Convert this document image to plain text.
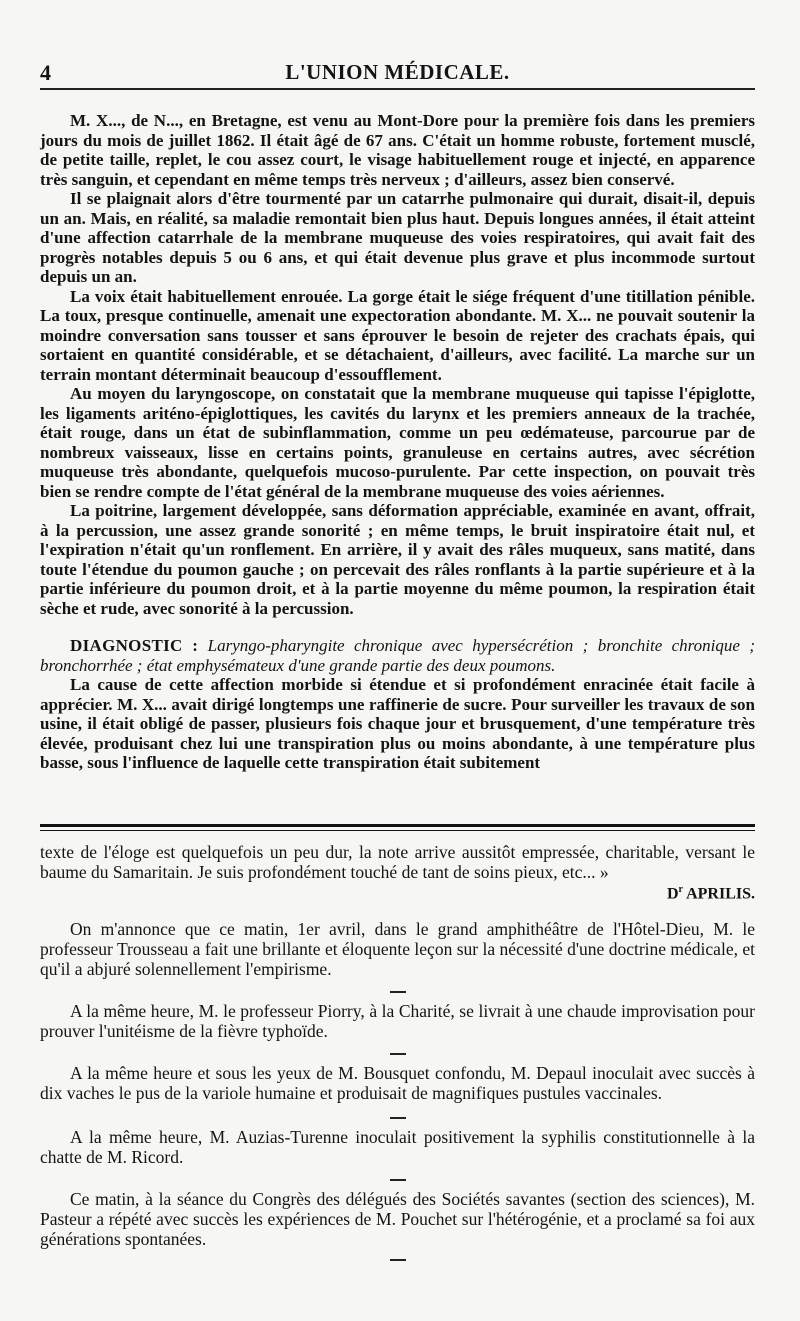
4	L'UNION MÉDICALE.

M. X..., de N..., en Bretagne, est venu au Mont-Dore pour la première fois dans les premiers jours du mois de juillet 1862. Il était âgé de 67 ans. C'était un homme robuste, fortement musclé, de petite taille, replet, le cou assez court, le visage habituellement rouge et injecté, en apparence très sanguin, et cependant en même temps très nerveux ; d'ailleurs, assez bien conservé.

Il se plaignait alors d'être tourmenté par un catarrhe pulmonaire qui durait, disait-il, depuis un an. Mais, en réalité, sa maladie remontait bien plus haut. Depuis longues années, il était atteint d'une affection catarrhale de la membrane muqueuse des voies respiratoires, qui avait fait des progrès notables depuis 5 ou 6 ans, et qui était devenue plus grave et plus incommode surtout depuis un an.

La voix était habituellement enrouée. La gorge était le siége fréquent d'une titillation pénible. La toux, presque continuelle, amenait une expectoration abondante. M. X... ne pouvait soutenir la moindre conversation sans tousser et sans éprouver le besoin de rejeter des crachats épais, qui sortaient en quantité considérable, et se détachaient, d'ailleurs, avec facilité. La marche sur un terrain montant déterminait beaucoup d'essoufflement.

Au moyen du laryngoscope, on constatait que la membrane muqueuse qui tapisse l'épiglotte, les ligaments ariténo-épiglottiques, les cavités du larynx et les premiers anneaux de la trachée, était rouge, dans un état de subinflammation, comme un peu œdémateuse, parcourue par de nombreux vaisseaux, lisse en certains points, granuleuse en certains autres, avec sécrétion muqueuse très abondante, quelquefois mucoso-purulente. Par cette inspection, on pouvait très bien se rendre compte de l'état général de la membrane muqueuse des voies aériennes.

La poitrine, largement développée, sans déformation appréciable, examinée en avant, offrait, à la percussion, une assez grande sonorité ; en même temps, le bruit inspiratoire était nul, et l'expiration n'était qu'un ronflement. En arrière, il y avait des râles muqueux, sans matité, dans toute l'étendue du poumon gauche ; on percevait des râles ronflants à la partie supérieure et à la partie inférieure du poumon droit, et à la partie moyenne du même poumon, la respiration était sèche et rude, avec sonorité à la percussion.

DIAGNOSTIC : Laryngo-pharyngite chronique avec hypersécrétion ; bronchite chronique ; bronchorrhée ; état emphysémateux d'une grande partie des deux poumons.

La cause de cette affection morbide si étendue et si profondément enracinée était facile à apprécier. M. X... avait dirigé longtemps une raffinerie de sucre. Pour surveiller les travaux de son usine, il était obligé de passer, plusieurs fois chaque jour et brusquement, d'une température très élevée, produisant chez lui une transpiration plus ou moins abondante, à une température plus basse, sous l'influence de laquelle cette transpiration était subitement

texte de l'éloge est quelquefois un peu dur, la note arrive aussitôt empressée, charitable, versant le baume du Samaritain. Je suis profondément touché de tant de soins pieux, etc... »

$D^r$ APRILIS.

On m'annonce que ce matin, 1er avril, dans le grand amphithéâtre de l'Hôtel-Dieu, M. le professeur Trousseau a fait une brillante et éloquente leçon sur la nécessité d'une doctrine médicale, et qu'il a abjuré solennellement l'empirisme.

A la même heure, M. le professeur Piorry, à la Charité, se livrait à une chaude improvisation pour prouver l'unitéisme de la fièvre typhoïde.

A la même heure et sous les yeux de M. Bousquet confondu, M. Depaul inoculait avec succès à dix vaches le pus de la variole humaine et produisait de magnifiques pustules vaccinales.

A la même heure, M. Auzias-Turenne inoculait positivement la syphilis constitutionnelle à la chatte de M. Ricord.

Ce matin, à la séance du Congrès des délégués des Sociétés savantes (section des sciences), M. Pasteur a répété avec succès les expériences de M. Pouchet sur l'hétérogénie, et a proclamé sa foi aux générations spontanées.
